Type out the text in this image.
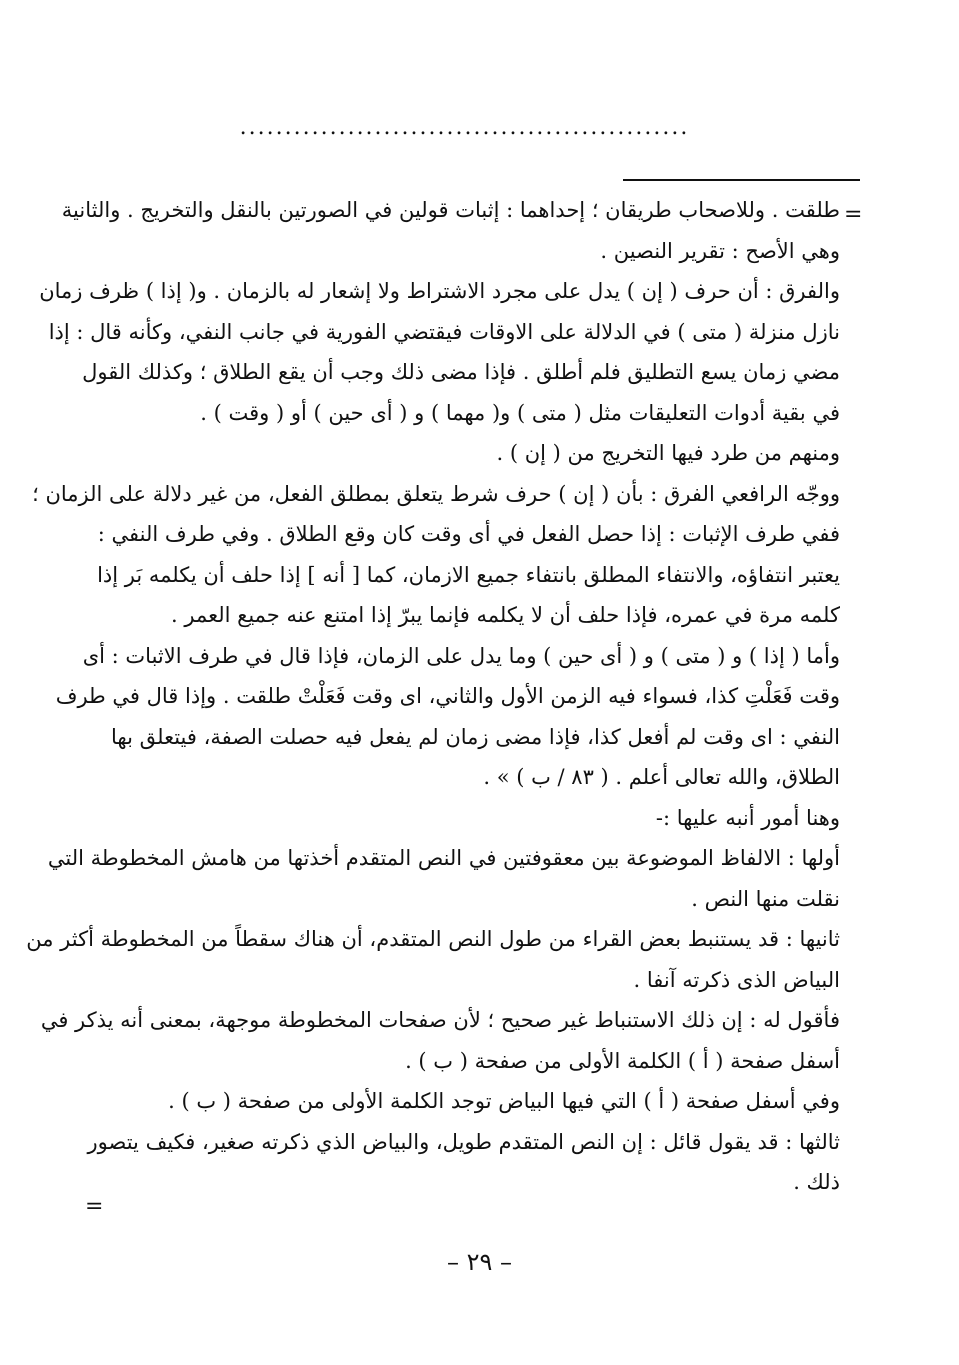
..................................................
=
طلقت . وللاصحاب طريقان ؛ إحداهما : إثبات قولين في الصورتين بالنقل والتخريج . والثانية
وهي الأصح : تقرير النصين .
والفرق : أن حرف ( إن ) يدل على مجرد الاشتراط ولا إشعار له بالزمان . و( إذا ) ظرف زمان
نازل منزلة ( متى ) في الدلالة على الاوقات فيقتضي الفورية في جانب النفي، وكأنه قال : إذا
مضي زمان يسع التطليق فلم أطلق . فإذا مضى ذلك وجب أن يقع الطلاق ؛ وكذلك القول
في بقية أدوات التعليقات مثل ( متى ) و( مهما ) و ( أى حين ) أو ( وقت ) .
ومنهم من طرد فيها التخريج من ( إن ) .
ووجّه الرافعي الفرق : بأن ( إن ) حرف شرط يتعلق بمطلق الفعل، من غير دلالة على الزمان ؛
ففي طرف الإثبات : إذا حصل الفعل في أى وقت كان وقع الطلاق . وفي طرف النفي :
يعتبر انتفاؤه، والانتفاء المطلق بانتفاء جميع الازمان، كما [ أنه ] إذا حلف أن يكلمه بَر إذا
كلمه مرة في عمره، فإذا حلف أن لا يكلمه فإنما يبرّ إذا امتنع عنه جميع العمر .
وأما ( إذا ) و ( متى ) و ( أى حين ) وما يدل على الزمان، فإذا قال في طرف الاثبات : أى
وقت فَعَلْتِ كذا، فسواء فيه الزمن الأول والثاني، اى وقت فَعَلْتْ طلقت . وإذا قال في طرف
النفي : اى وقت لم أفعل كذا، فإذا مضى زمان لم يفعل فيه حصلت الصفة، فيتعلق بها
الطلاق، والله تعالى أعلم . ( ٨٣ / ب ) » .
وهنا أمور أنبه عليها :-
أولها : الالفاظ الموضوعة بين معقوفتين في النص المتقدم أخذتها من هامش المخطوطة التي
نقلت منها النص .
ثانيها : قد يستنبط بعض القراء من طول النص المتقدم، أن هناك سقطاً من المخطوطة أكثر من
البياض الذى ذكرته آنفا .
فأقول له : إن ذلك الاستنباط غير صحيح ؛ لأن صفحات المخطوطة موجهة، بمعنى أنه يذكر في
أسفل صفحة ( أ ) الكلمة الأولى من صفحة ( ب ) .
وفي أسفل صفحة ( أ ) التي فيها البياض توجد الكلمة الأولى من صفحة ( ب ) .
ثالثها : قد يقول قائل : إن النص المتقدم طويل، والبياض الذي ذكرته صغير، فكيف يتصور
ذلك .
=
– ٢٩ –
